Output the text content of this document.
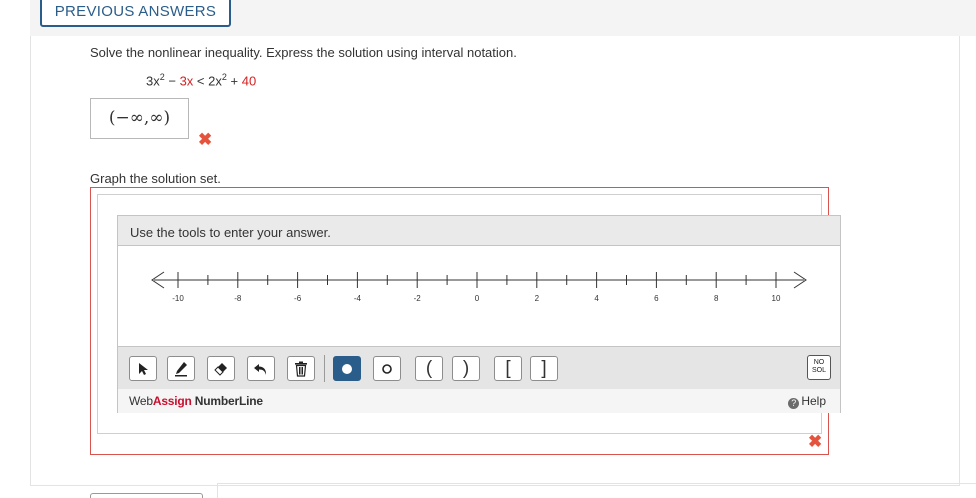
PREVIOUS ANSWERS
Solve the nonlinear inequality. Express the solution using interval notation.
$3x^2 - 3x < 2x^2 + 40$
(−∞,∞)
✖
Graph the solution set.
Use the tools to enter your answer.
-10	-8	-6	-4	-2	0	2	4	6	8	10
( ) [ ]	NO
SOL
WebAssign NumberLine	? Help
✖
